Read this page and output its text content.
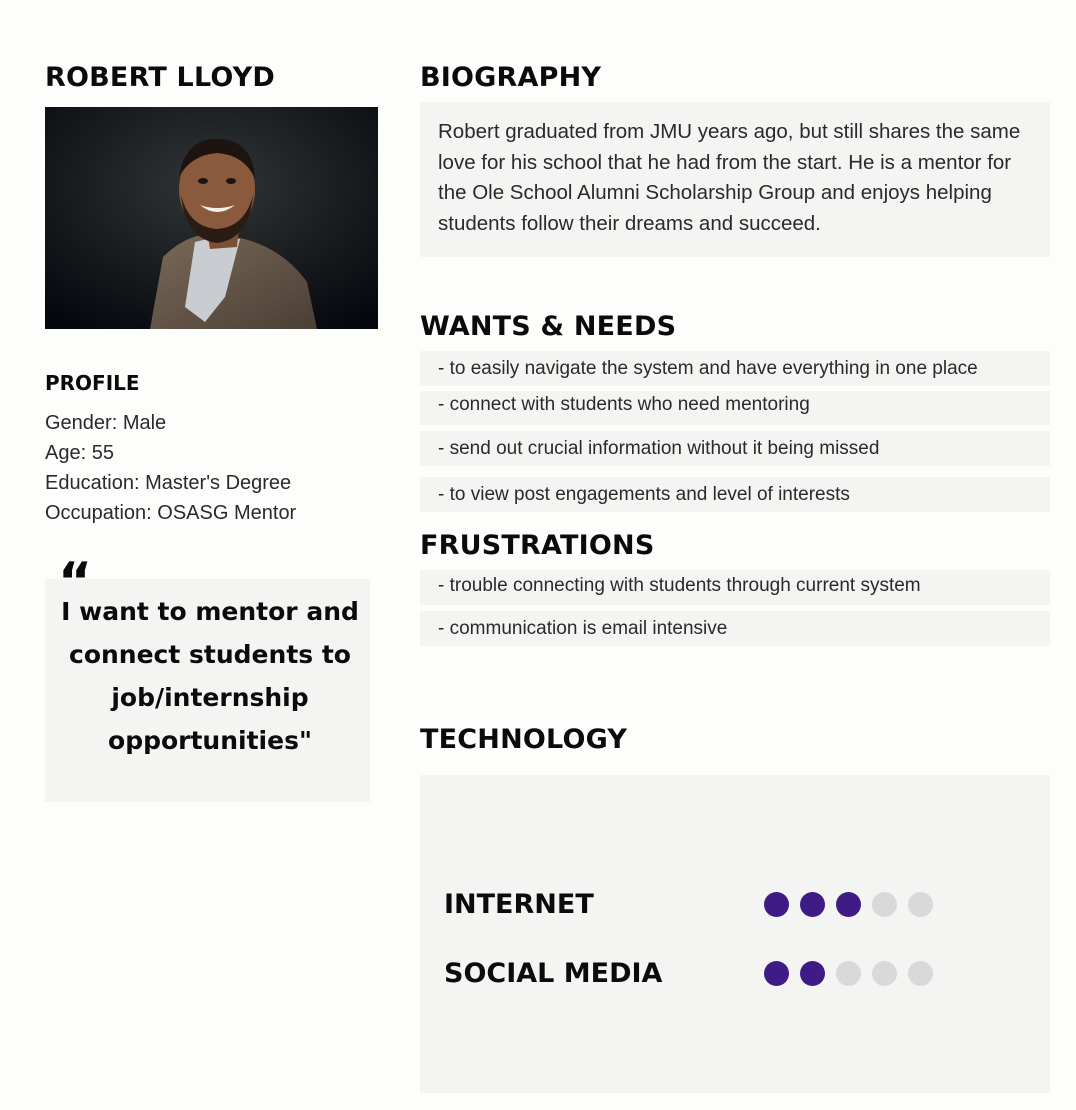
ROBERT LLOYD
PROFILE
Gender: Male
Age: 55
Education: Master's Degree
Occupation: OSASG Mentor
“

I want to mentor and connect students to job/internship opportunities"

BIOGRAPHY

Robert graduated from JMU years ago, but still shares the same love for his school that he had from the start. He is a mentor for the Ole School Alumni Scholarship Group and enjoys helping students follow their dreams and succeed.

WANTS & NEEDS
- to easily navigate the system and have everything in one place
- connect with students who need mentoring
- send out crucial information without it being missed
- to view post engagements and level of interests
FRUSTRATIONS
- trouble connecting with students through current system
- communication is email intensive
TECHNOLOGY
INTERNET
SOCIAL MEDIA
